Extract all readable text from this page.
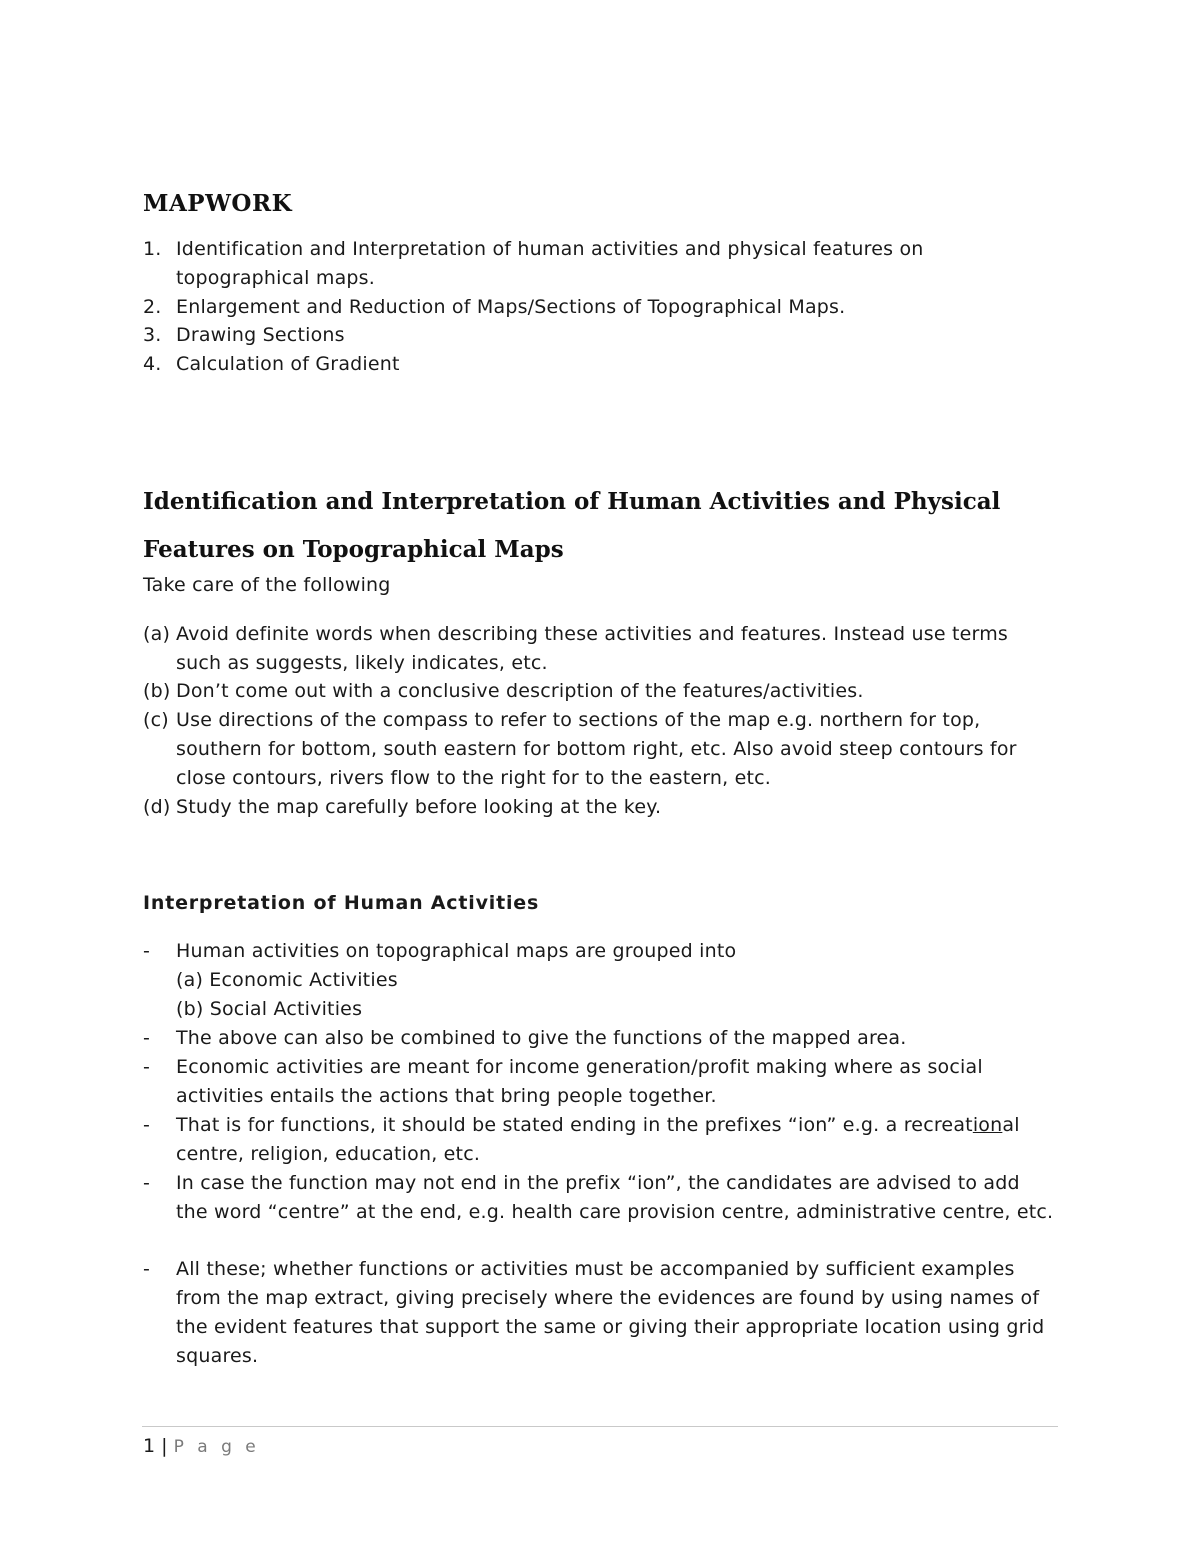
MAPWORK
1. Identification and Interpretation of human activities and physical features on topographical maps.
2. Enlargement and Reduction of Maps/Sections of Topographical Maps.
3. Drawing Sections
4. Calculation of Gradient
Identification and Interpretation of Human Activities and Physical Features on Topographical Maps
Take care of the following
(a) Avoid definite words when describing these activities and features. Instead use terms such as suggests, likely indicates, etc.
(b) Don’t come out with a conclusive description of the features/activities.
(c) Use directions of the compass to refer to sections of the map e.g. northern for top, southern for bottom, south eastern for bottom right, etc. Also avoid steep contours for close contours, rivers flow to the right for to the eastern, etc.
(d) Study the map carefully before looking at the key.
Interpretation of Human Activities
- Human activities on topographical maps are grouped into
(a) Economic Activities
(b) Social Activities
- The above can also be combined to give the functions of the mapped area.
- Economic activities are meant for income generation/profit making where as social activities entails the actions that bring people together.
- That is for functions, it should be stated ending in the prefixes “ion” e.g. a recreational centre, religion, education, etc.
- In case the function may not end in the prefix “ion”, the candidates are advised to add the word “centre” at the end, e.g. health care provision centre, administrative centre, etc.
- All these; whether functions or activities must be accompanied by sufficient examples from the map extract, giving precisely where the evidences are found by using names of the evident features that support the same or giving their appropriate location using grid squares.
1 | P a g e
